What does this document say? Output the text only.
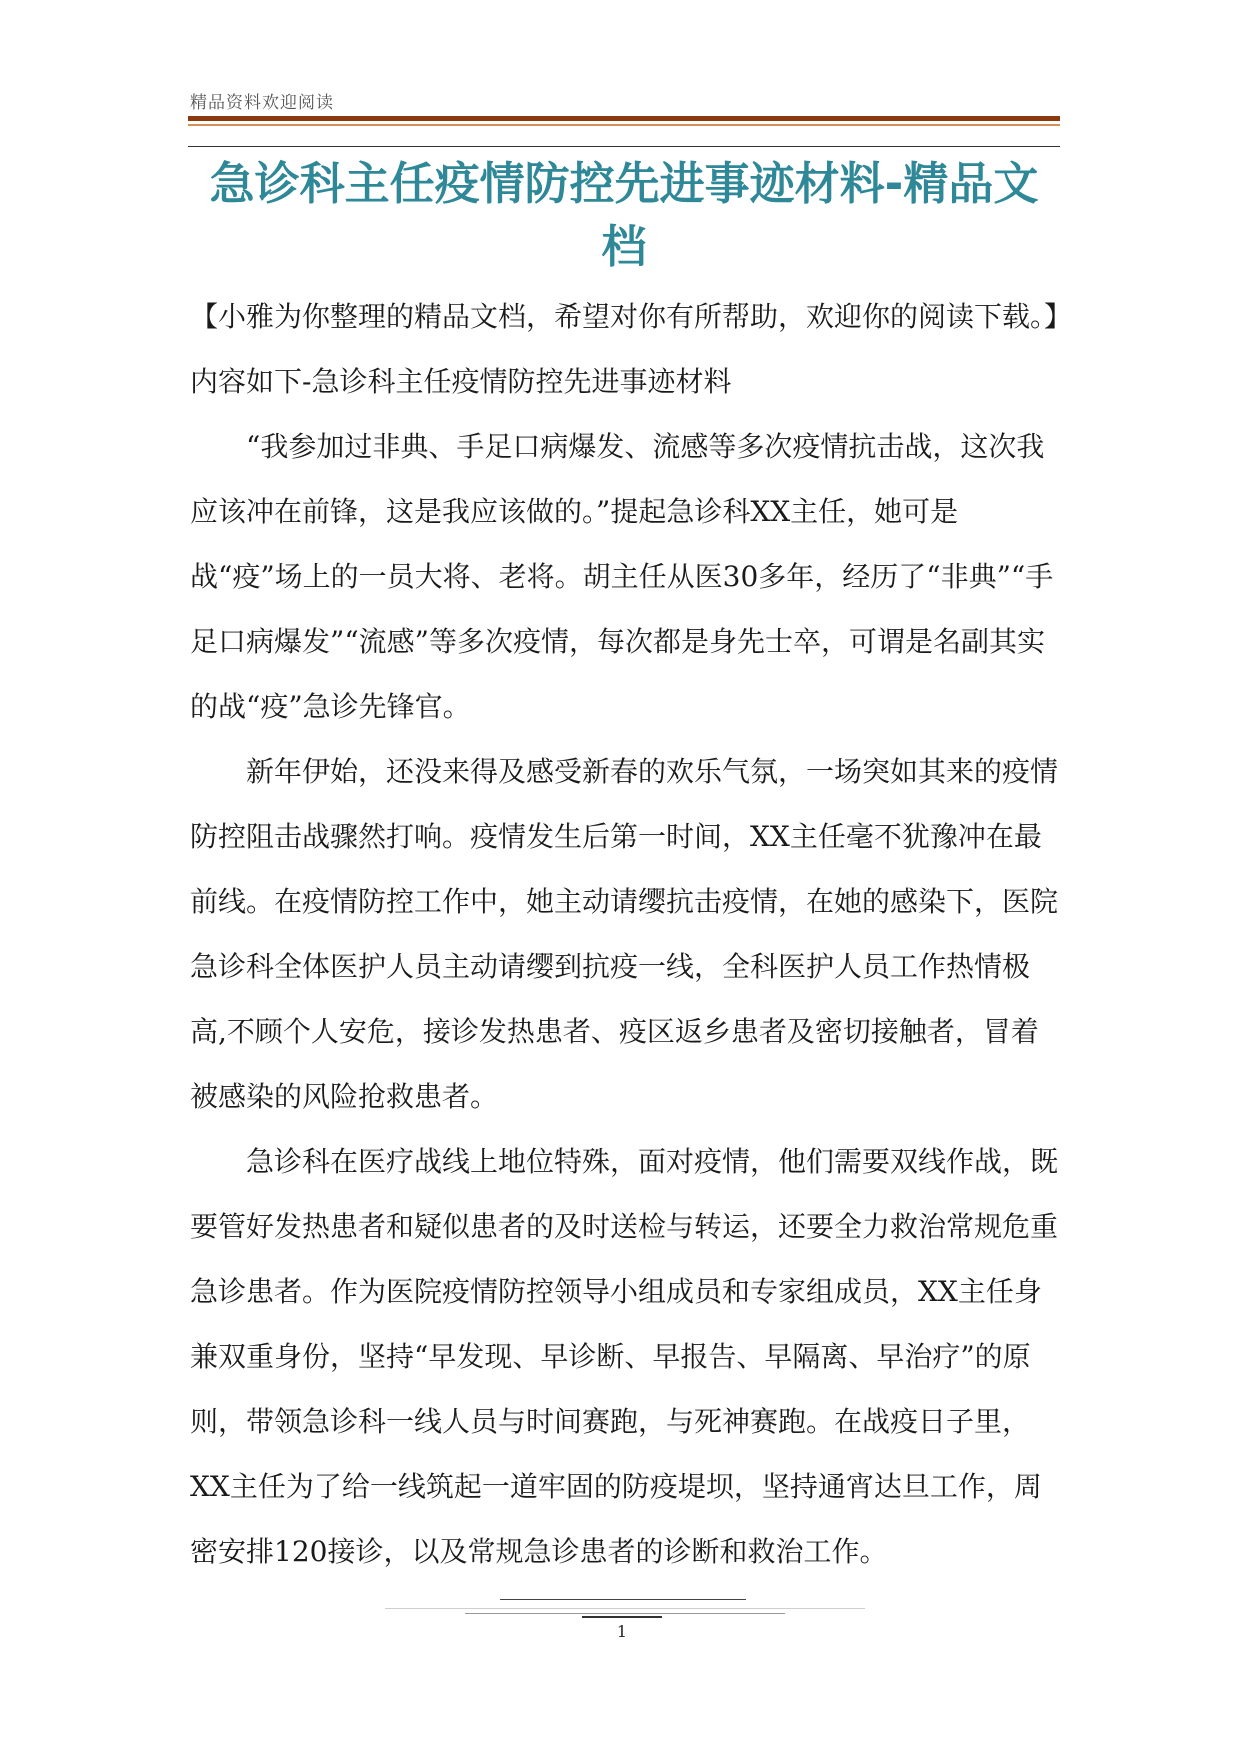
精品资料欢迎阅读
急诊科主任疫情防控先进事迹材料-精品文档

【小雅为你整理的精品文档，希望对你有所帮助，欢迎你的阅读下载。】内容如下-急诊科主任疫情防控先进事迹材料

“我参加过非典、手足口病爆发、流感等多次疫情抗击战，这次我应该冲在前锋，这是我应该做的。”提起急诊科XX主任，她可是战“疫”场上的一员大将、老将。胡主任从医30多年，经历了“非典”“手足口病爆发”“流感”等多次疫情，每次都是身先士卒，可谓是名副其实的战“疫”急诊先锋官。

新年伊始，还没来得及感受新春的欢乐气氛，一场突如其来的疫情防控阻击战骤然打响。疫情发生后第一时间，XX主任毫不犹豫冲在最前线。在疫情防控工作中，她主动请缨抗击疫情，在她的感染下，医院急诊科全体医护人员主动请缨到抗疫一线，全科医护人员工作热情极高,不顾个人安危，接诊发热患者、疫区返乡患者及密切接触者，冒着被感染的风险抢救患者。

急诊科在医疗战线上地位特殊，面对疫情，他们需要双线作战，既要管好发热患者和疑似患者的及时送检与转运，还要全力救治常规危重急诊患者。作为医院疫情防控领导小组成员和专家组成员，XX主任身兼双重身份，坚持“早发现、早诊断、早报告、早隔离、早治疗”的原则，带领急诊科一线人员与时间赛跑，与死神赛跑。在战疫日子里，XX主任为了给一线筑起一道牢固的防疫堤坝，坚持通宵达旦工作，周密安排120接诊，以及常规急诊患者的诊断和救治工作。

1
